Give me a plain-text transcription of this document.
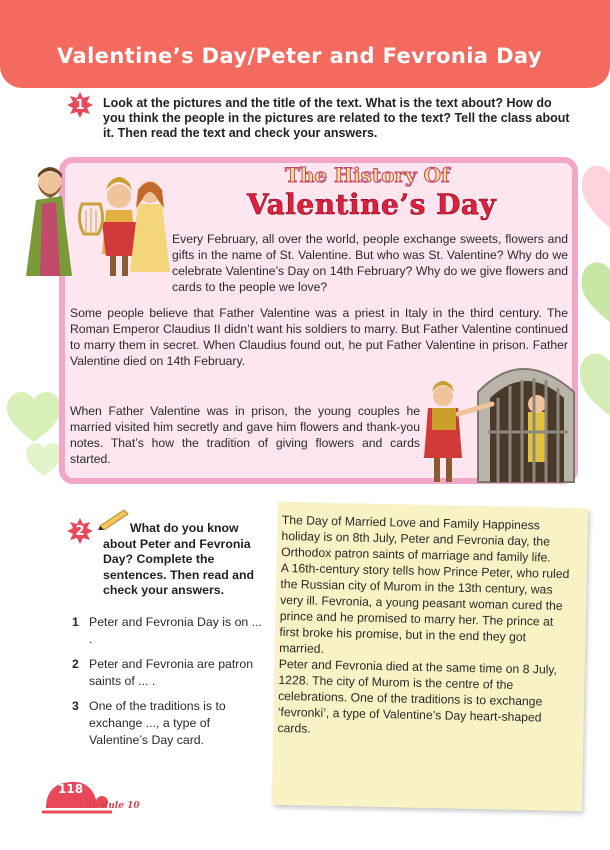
Valentine’s Day/Peter and Fevronia Day
1	Look at the pictures and the title of the text. What is the text about? How do you think the people in the pictures are related to the text? Tell the class about it. Then read the text and check your answers.
The History Of
Valentine’s Day

Every February, all over the world, people exchange sweets, flowers and gifts in the name of St. Valentine. But who was St. Valentine? Why do we celebrate Valentine’s Day on 14th February? Why do we give flowers and cards to the people we love?

Some people believe that Father Valentine was a priest in Italy in the third century. The Roman Emperor Claudius II didn’t want his soldiers to marry. But Father Valentine continued to marry them in secret. When Claudius found out, he put Father Valentine in prison. Father Valentine died on 14th February.

When Father Valentine was in prison, the young couples he married visited him secretly and gave him flowers and thank-you notes. That’s how the tradition of giving flowers and cards started.

2	What do you know about Peter and Fevronia Day? Complete the sentences. Then read and check your answers.
1 Peter and Fevronia Day is on ... .
2 Peter and Fevronia are patron saints of ... .
3 One of the traditions is to exchange ..., a type of Valentine’s Day card.

The Day of Married Love and Family Happiness holiday is on 8th July, Peter and Fevronia day, the Orthodox patron saints of marriage and family life.

A 16th-century story tells how Prince Peter, who ruled the Russian city of Murom in the 13th century, was very ill. Fevronia, a young peasant woman cured the prince and he promised to marry her. The prince at first broke his promise, but in the end they got married.

Peter and Fevronia died at the same time on 8 July, 1228. The city of Murom is the centre of the celebrations. One of the traditions is to exchange ‘fevronki’, a type of Valentine’s Day heart-shaped cards.

118
Module 10
